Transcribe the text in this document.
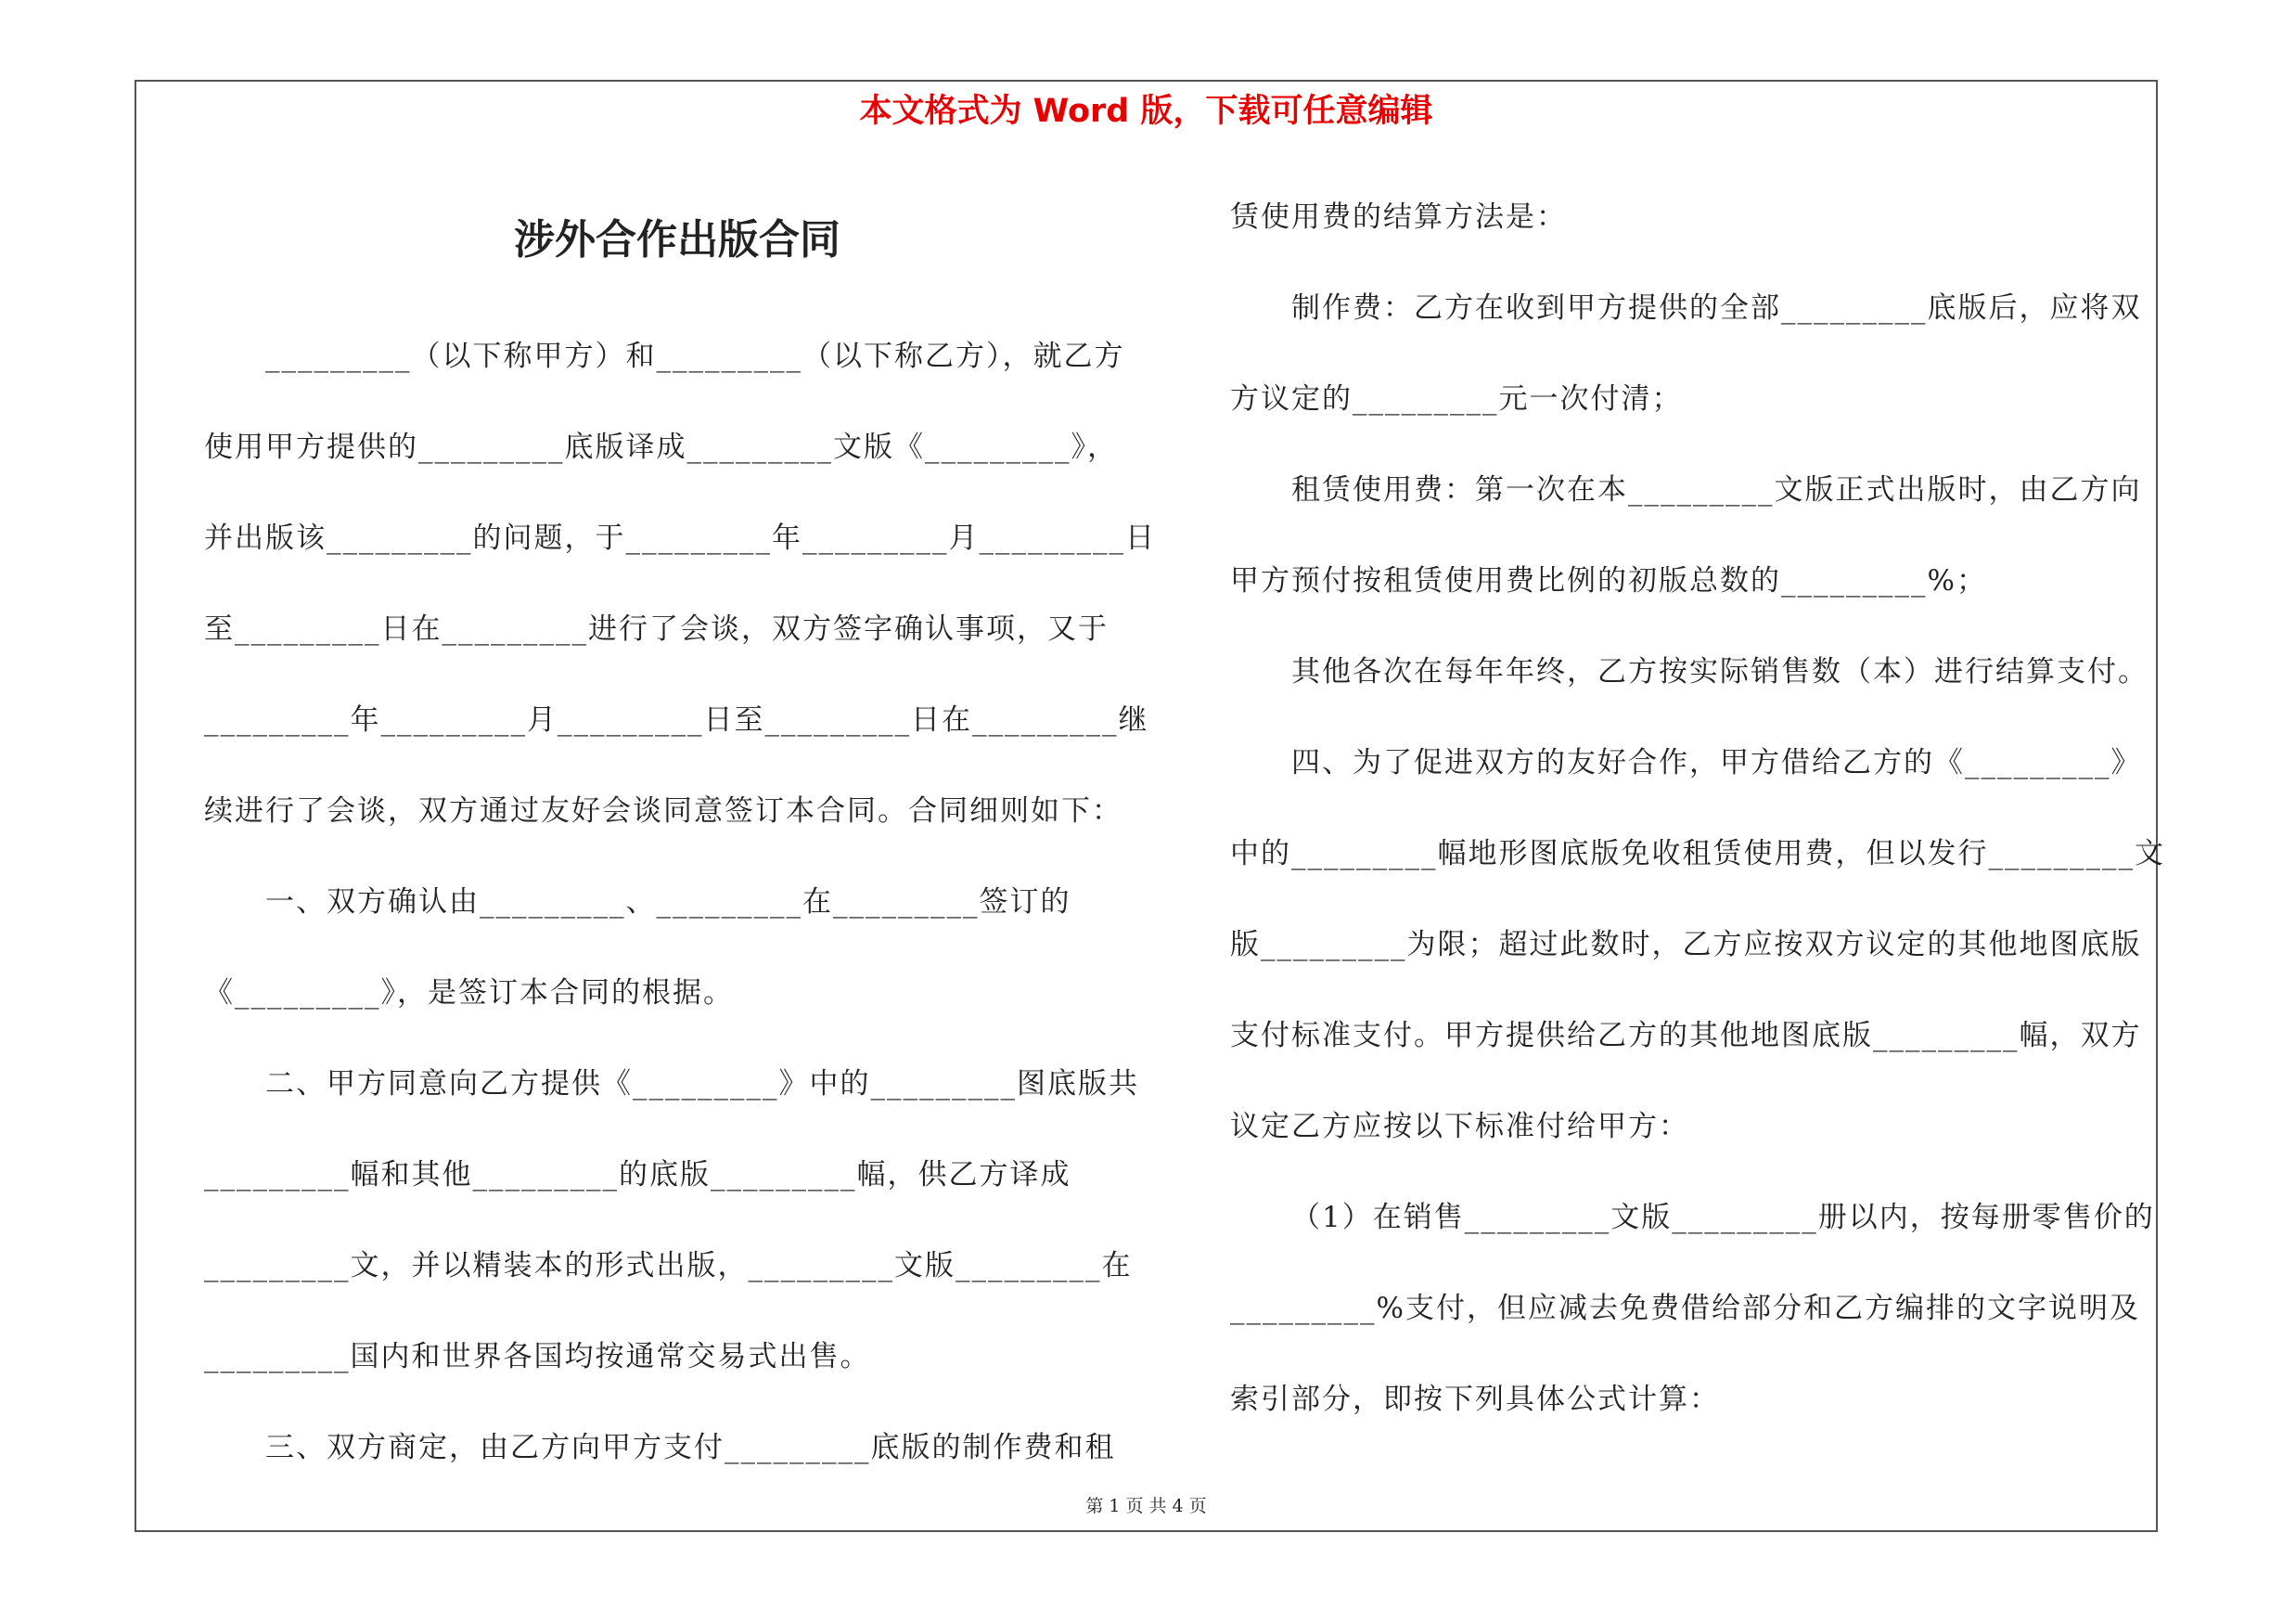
本文格式为 Word 版，下载可任意编辑
涉外合作出版合同
_________（以下称甲方）和_________（以下称乙方），就乙方
使用甲方提供的_________底版译成_________文版《_________》，
并出版该_________的问题，于_________年_________月_________日
至_________日在_________进行了会谈，双方签字确认事项，又于
_________年_________月_________日至_________日在_________继
续进行了会谈，双方通过友好会谈同意签订本合同。合同细则如下：
一、双方确认由_________、_________在_________签订的
《_________》，是签订本合同的根据。
二、甲方同意向乙方提供《_________》中的_________图底版共
_________幅和其他_________的底版_________幅，供乙方译成
_________文，并以精装本的形式出版，_________文版_________在
_________国内和世界各国均按通常交易式出售。
三、双方商定，由乙方向甲方支付_________底版的制作费和租
赁使用费的结算方法是：
制作费：乙方在收到甲方提供的全部_________底版后，应将双
方议定的_________元一次付清；
租赁使用费：第一次在本_________文版正式出版时，由乙方向
甲方预付按租赁使用费比例的初版总数的_________%；
其他各次在每年年终，乙方按实际销售数（本）进行结算支付。
四、为了促进双方的友好合作，甲方借给乙方的《_________》
中的_________幅地形图底版免收租赁使用费，但以发行_________文
版_________为限；超过此数时，乙方应按双方议定的其他地图底版
支付标准支付。甲方提供给乙方的其他地图底版_________幅，双方
议定乙方应按以下标准付给甲方：
（1）在销售_________文版_________册以内，按每册零售价的
_________%支付，但应减去免费借给部分和乙方编排的文字说明及
索引部分，即按下列具体公式计算：
第 1 页 共 4 页
